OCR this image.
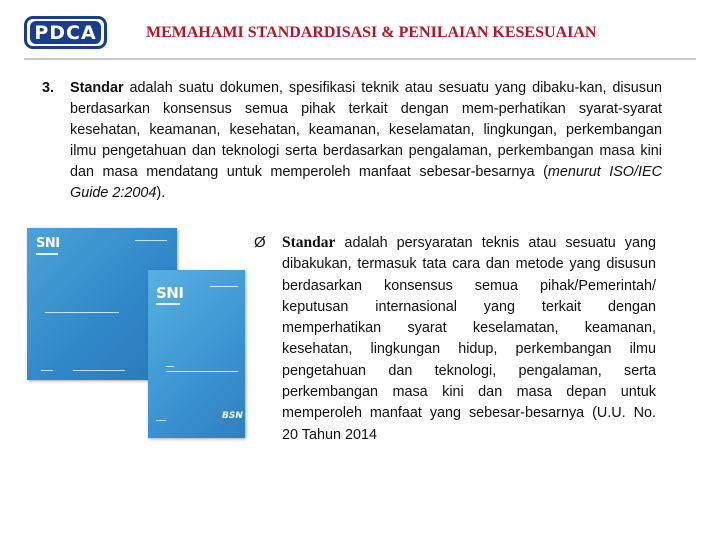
PDCA	MEMAHAMI STANDARDISASI & PENILAIAN KESESUAIAN
3. Standar adalah suatu dokumen, spesifikasi teknik atau sesuatu yang dibaku-kan, disusun berdasarkan konsensus semua pihak terkait dengan mem-perhatikan syarat-syarat kesehatan, keamanan, kesehatan, keamanan, keselamatan, lingkungan, perkembangan ilmu pengetahuan dan teknologi serta berdasarkan pengalaman, perkembangan masa kini dan masa mendatang untuk memperoleh manfaat sebesar-besarnya (menurut ISO/IEC Guide 2:2004).
SNI
SNI
BSN
Ø Standar adalah persyaratan teknis atau sesuatu yang dibakukan, termasuk tata cara dan metode yang disusun berdasarkan konsensus semua pihak/Pemerintah/ keputusan internasional yang terkait dengan memperhatikan syarat keselamatan, keamanan, kesehatan, lingkungan hidup, perkembangan ilmu pengetahuan dan teknologi, pengalaman, serta perkembangan masa kini dan masa depan untuk memperoleh manfaat yang sebesar-besarnya (U.U. No. 20 Tahun 2014
